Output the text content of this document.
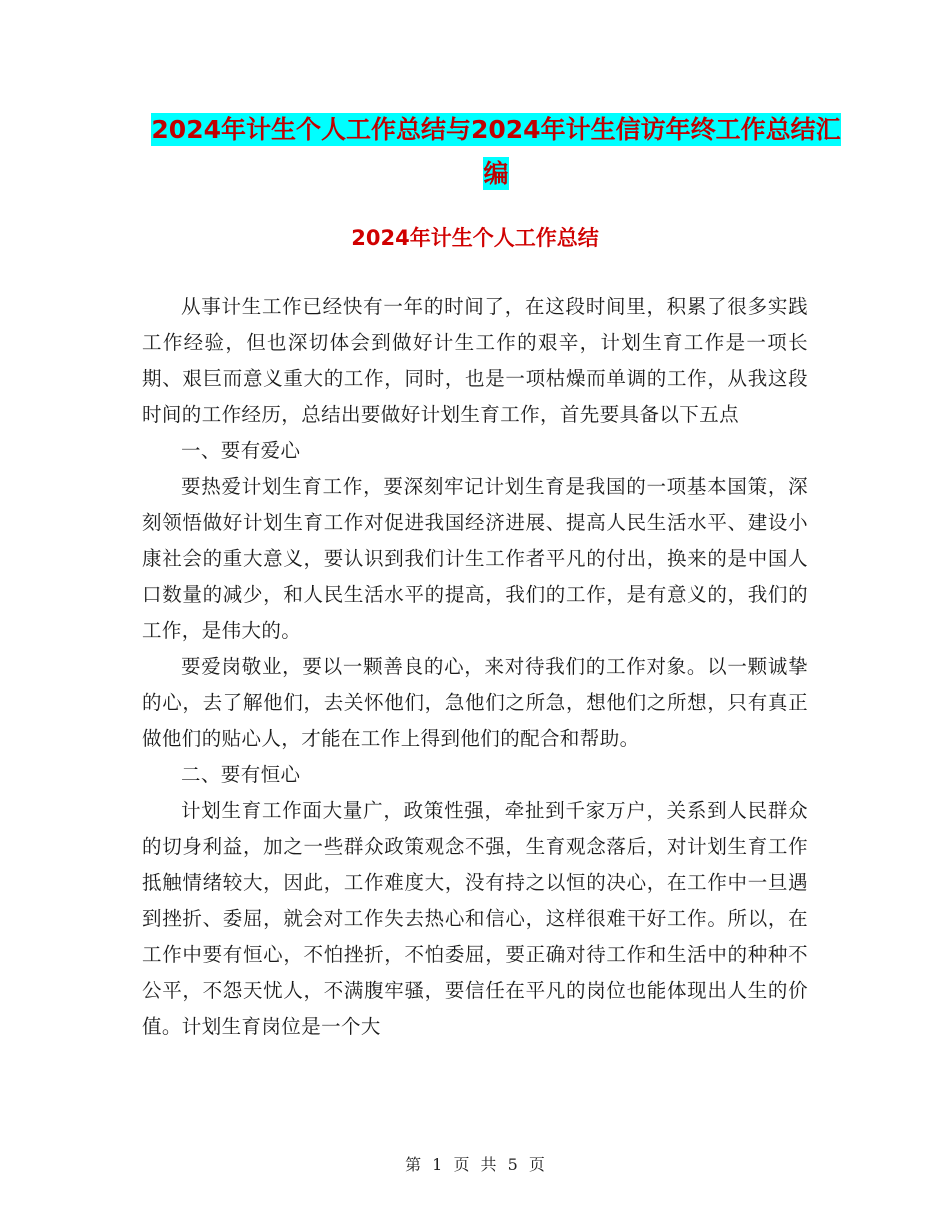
2024年计生个人工作总结与2024年计生信访年终工作总结汇编
2024年计生个人工作总结

从事计生工作已经快有一年的时间了，在这段时间里，积累了很多实践工作经验，但也深切体会到做好计生工作的艰辛，计划生育工作是一项长期、艰巨而意义重大的工作，同时，也是一项枯燥而单调的工作，从我这段时间的工作经历，总结出要做好计划生育工作，首先要具备以下五点

一、要有爱心

要热爱计划生育工作，要深刻牢记计划生育是我国的一项基本国策，深刻领悟做好计划生育工作对促进我国经济进展、提高人民生活水平、建设小康社会的重大意义，要认识到我们计生工作者平凡的付出，换来的是中国人口数量的减少，和人民生活水平的提高，我们的工作，是有意义的，我们的工作，是伟大的。

要爱岗敬业，要以一颗善良的心，来对待我们的工作对象。以一颗诚挚的心，去了解他们，去关怀他们，急他们之所急，想他们之所想，只有真正做他们的贴心人，才能在工作上得到他们的配合和帮助。

二、要有恒心

计划生育工作面大量广，政策性强，牵扯到千家万户，关系到人民群众的切身利益，加之一些群众政策观念不强，生育观念落后，对计划生育工作抵触情绪较大，因此，工作难度大，没有持之以恒的决心，在工作中一旦遇到挫折、委屈，就会对工作失去热心和信心，这样很难干好工作。所以，在工作中要有恒心，不怕挫折，不怕委屈，要正确对待工作和生活中的种种不公平，不怨天忧人，不满腹牢骚，要信任在平凡的岗位也能体现出人生的价值。计划生育岗位是一个大

第 1 页 共 5 页
